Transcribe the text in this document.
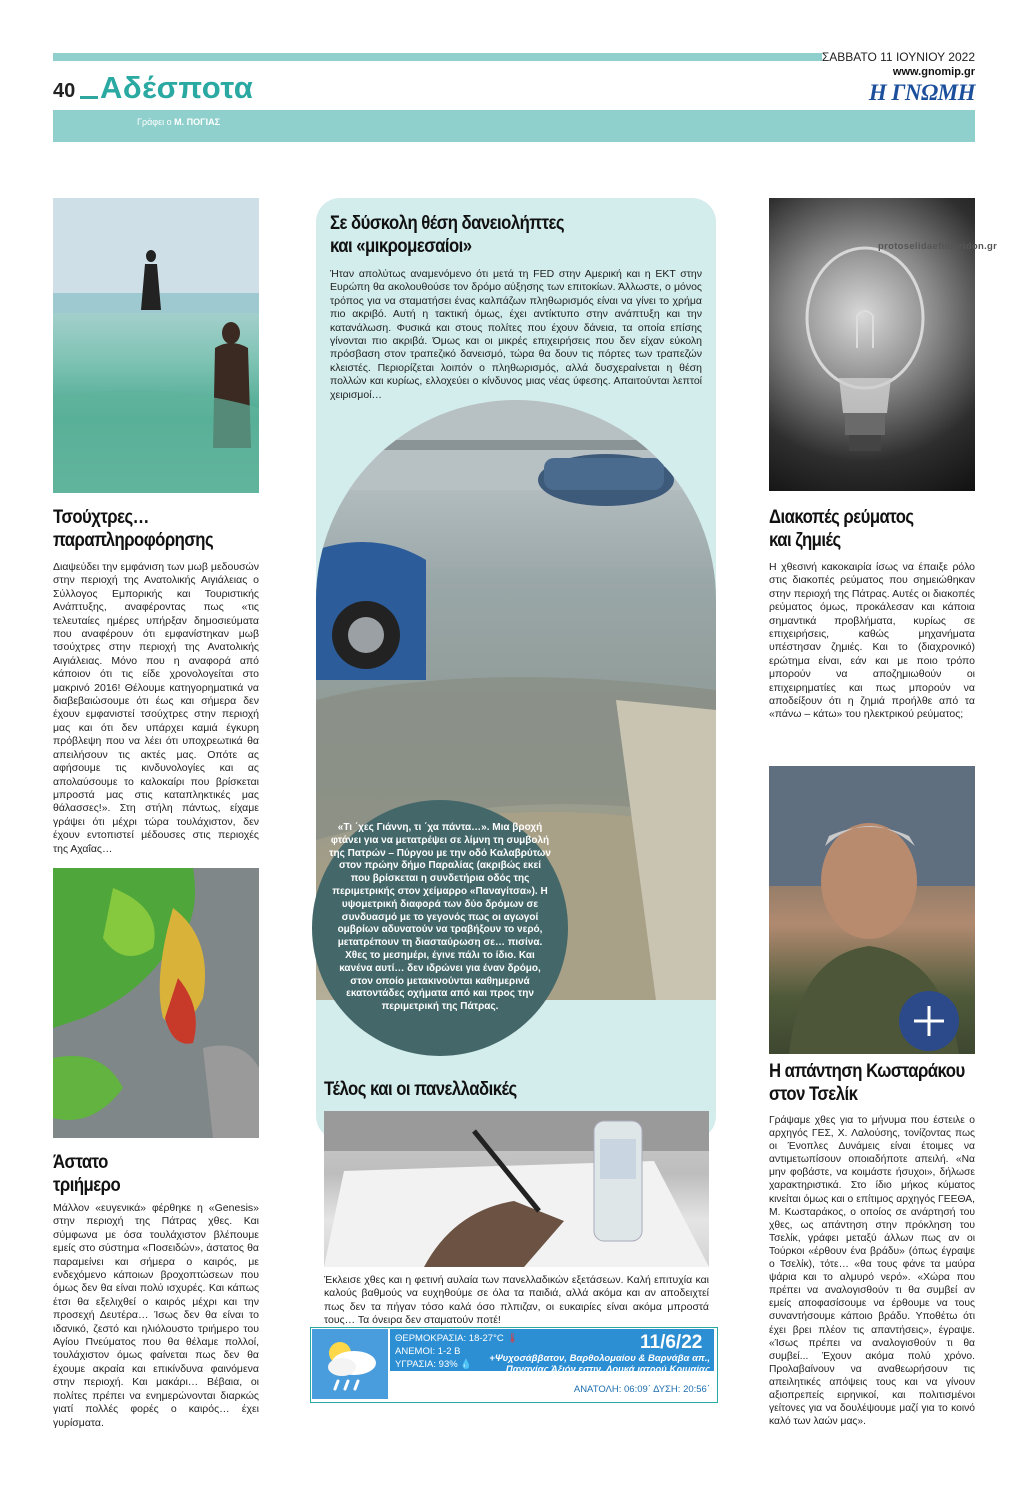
40 Αδέσποτα
ΣΑΒΒΑΤΟ 11 ΙΟΥΝΙΟΥ 2022
www.gnomip.gr
Η ΓΝΩΜΗ
Γράφει ο Μ. ΠΟΓΙΑΣ
Σε δύσκολη θέση δανειολήπτες
και «μικρομεσαίοι»
Ήταν απολύτως αναμενόμενο ότι μετά τη FED στην Αμερική και η ΕΚΤ στην Ευρώπη θα ακολουθούσε τον δρόμο αύξησης των επιτοκίων. Άλλωστε, ο μόνος τρόπος για να σταματήσει ένας καλπάζων πληθωρισμός είναι να γίνει το χρήμα πιο ακριβό. Αυτή η τακτική όμως, έχει αντίκτυπο στην ανάπτυξη και την κατανάλωση. Φυσικά και στους πολίτες που έχουν δάνεια, τα οποία επίσης γίνονται πιο ακριβά. Όμως και οι μικρές επιχειρήσεις που δεν είχαν εύκολη πρόσβαση στον τραπεζικό δανεισμό, τώρα θα δουν τις πόρτες των τραπεζών κλειστές. Περιορίζεται λοιπόν ο πληθωρισμός, αλλά δυσχεραίνεται η θέση πολλών και κυρίως, ελλοχεύει ο κίνδυνος μιας νέας ύφεσης. Απαιτούνται λεπτοί χειρισμοί…
«Τι ΄χες Γιάννη, τι ΄χα πάντα…». Μια βροχή φτάνει για να μετατρέψει σε λίμνη τη συμβολή της Πατρών – Πύργου με την οδό Καλαβρύτων στον πρώην δήμο Παραλίας (ακριβώς εκεί που βρίσκεται η συνδετήρια οδός της περιμετρικής στον χείμαρρο «Παναγίτσα»). Η υψομετρική διαφορά των δύο δρόμων σε συνδυασμό με το γεγονός πως οι αγωγοί ομβρίων αδυνατούν να τραβήξουν το νερό, μετατρέπουν τη διασταύρωση σε… πισίνα. Χθες το μεσημέρι, έγινε πάλι το ίδιο. Και κανένα αυτί… δεν ιδρώνει για έναν δρόμο, στον οποίο μετακινούνται καθημερινά εκατοντάδες οχήματα από και προς την περιμετρική της Πάτρας.
Τέλος και οι πανελλαδικές
Έκλεισε χθες και η φετινή αυλαία των πανελλαδικών εξετάσεων. Καλή επιτυχία και καλούς βαθμούς να ευχηθούμε σε όλα τα παιδιά, αλλά ακόμα και αν αποδειχτεί πως δεν τα πήγαν τόσο καλά όσο πλπιζαν, οι ευκαιρίες είναι ακόμα μπροστά τους… Τα όνειρα δεν σταματούν ποτέ!
ΘΕΡΜΟΚΡΑΣΙΑ: 18-27°C 🌡
ΑΝΕΜΟΙ: 1-2 B
ΥΓΡΑΣΙΑ: 93% 💧
11/6/22
+Ψυχοσάββατον, Βαρθολομαίου & Βαρνάβα απ., Παναγίας Άξιόν εστιν, Λουκά ιατρού Κριμαίας
ΑΝΑΤΟΛΗ: 06:09΄ ΔΥΣΗ: 20:56΄
Τσούχτρες…
παραπληροφόρησης
Διαψεύδει την εμφάνιση των μωβ μεδουσών στην περιοχή της Ανατολικής Αιγιάλειας ο Σύλλογος Εμπορικής και Τουριστικής Ανάπτυξης, αναφέροντας πως «τις τελευταίες ημέρες υπήρξαν δημοσιεύματα που αναφέρουν ότι εμφανίστηκαν μωβ τσούχτρες στην περιοχή της Ανατολικής Αιγιάλειας. Μόνο που η αναφορά από κάποιον ότι τις είδε χρονολογείται στο μακρινό 2016! Θέλουμε κατηγορηματικά να διαβεβαιώσουμε ότι έως και σήμερα δεν έχουν εμφανιστεί τσούχτρες στην περιοχή μας και ότι δεν υπάρχει καμιά έγκυρη πρόβλεψη που να λέει ότι υποχρεωτικά θα απειλήσουν τις ακτές μας. Οπότε ας αφήσουμε τις κινδυνολογίες και ας απολαύσουμε το καλοκαίρι που βρίσκεται μπροστά μας στις καταπληκτικές μας θάλασσες!». Στη στήλη πάντως, είχαμε γράψει ότι μέχρι τώρα τουλάχιστον, δεν έχουν εντοπιστεί μέδουσες στις περιοχές της Αχαΐας…
Άστατο
τριήμερο
Μάλλον «ευγενικά» φέρθηκε η «Genesis» στην περιοχή της Πάτρας χθες. Και σύμφωνα με όσα τουλάχιστον βλέπουμε εμείς στο σύστημα «Ποσειδών», άστατος θα παραμείνει και σήμερα ο καιρός, με ενδεχόμενο κάποιων βροχοπτώσεων που όμως δεν θα είναι πολύ ισχυρές. Και κάπως έτσι θα εξελιχθεί ο καιρός μέχρι και την προσεχή Δευτέρα… Ίσως δεν θα είναι το ιδανικό, ζεστό και ηλιόλουστο τριήμερο του Αγίου Πνεύματος που θα θέλαμε πολλοί, τουλάχιστον όμως φαίνεται πως δεν θα έχουμε ακραία και επικίνδυνα φαινόμενα στην περιοχή. Και μακάρι… Βέβαια, οι πολίτες πρέπει να ενημερώνονται διαρκώς γιατί πολλές φορές ο καιρός… έχει γυρίσματα.
protoselidaefimeridon.gr
Διακοπές ρεύματος
και ζημιές
Η χθεσινή κακοκαιρία ίσως να έπαιξε ρόλο στις διακοπές ρεύματος που σημειώθηκαν στην περιοχή της Πάτρας. Αυτές οι διακοπές ρεύματος όμως, προκάλεσαν και κάποια σημαντικά προβλήματα, κυρίως σε επιχειρήσεις, καθώς μηχανήματα υπέστησαν ζημιές. Και το (διαχρονικό) ερώτημα είναι, εάν και με ποιο τρόπο μπορούν να αποζημιωθούν οι επιχειρηματίες και πως μπορούν να αποδείξουν ότι η ζημιά προήλθε από τα «πάνω – κάτω» του ηλεκτρικού ρεύματος;
Η απάντηση Κωσταράκου
στον Τσελίκ
Γράψαμε χθες για το μήνυμα που έστειλε ο αρχηγός ΓΕΣ, Χ. Λαλούσης, τονίζοντας πως οι Ένοπλες Δυνάμεις είναι έτοιμες να αντιμετωπίσουν οποιαδήποτε απειλή. «Να μην φοβάστε, να κοιμάστε ήσυχοι», δήλωσε χαρακτηριστικά. Στο ίδιο μήκος κύματος κινείται όμως και ο επίτιμος αρχηγός ΓΕΕΘΑ, Μ. Κωσταράκος, ο οποίος σε ανάρτησή του χθες, ως απάντηση στην πρόκληση του Τσελίκ, γράφει μεταξύ άλλων πως αν οι Τούρκοι «έρθουν ένα βράδυ» (όπως έγραψε ο Τσελίκ), τότε… «θα τους φάνε τα μαύρα ψάρια και το αλμυρό νερό». «Χώρα που πρέπει να αναλογισθούν τι θα συμβεί αν εμείς αποφασίσουμε να έρθουμε να τους συναντήσουμε κάποιο βράδυ. Υποθέτω ότι έχει βρει πλέον τις απαντήσεις», έγραψε. «Ίσως πρέπει να αναλογισθούν τι θα συμβεί... Έχουν ακόμα πολύ χρόνο. Προλαβαίνουν να αναθεωρήσουν τις απειλητικές απόψεις τους και να γίνουν αξιοπρεπείς ειρηνικοί, και πολιτισμένοι γείτονες για να δουλέψουμε μαζί για το κοινό καλό των λαών μας».
